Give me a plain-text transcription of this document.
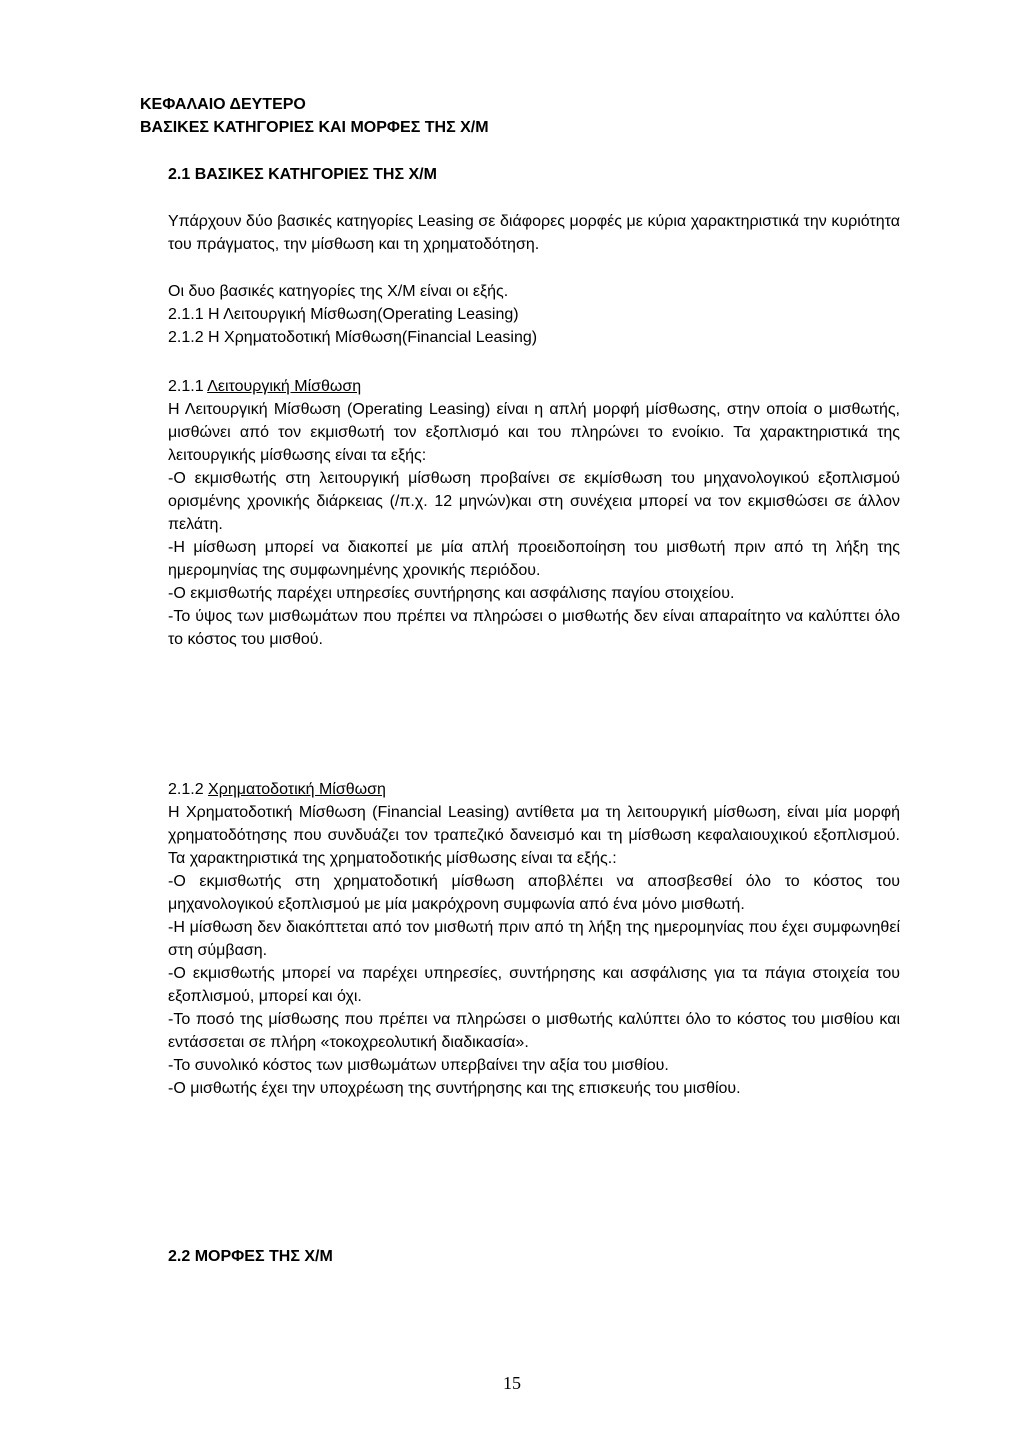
ΚΕΦΑΛΑΙΟ ΔΕΥΤΕΡΟ
ΒΑΣΙΚΕΣ ΚΑΤΗΓΟΡΙΕΣ ΚΑΙ ΜΟΡΦΕΣ ΤΗΣ Χ/Μ
2.1 ΒΑΣΙΚΕΣ ΚΑΤΗΓΟΡΙΕΣ ΤΗΣ Χ/Μ
Υπάρχουν δύο βασικές κατηγορίες Leasing σε διάφορες μορφές με κύρια χαρακτηριστικά την κυριότητα του πράγματος, την μίσθωση και τη χρηματοδότηση.
Οι δυο βασικές κατηγορίες της Χ/Μ είναι οι εξής.
2.1.1 Η Λειτουργική Μίσθωση(Operating Leasing)
2.1.2 Η Χρηματοδοτική Μίσθωση(Financial Leasing)
2.1.1 Λειτουργική Μίσθωση
Η Λειτουργική Μίσθωση (Operating Leasing) είναι η απλή μορφή μίσθωσης, στην οποία ο μισθωτής, μισθώνει από τον εκμισθωτή τον εξοπλισμό και του πληρώνει το ενοίκιο. Τα χαρακτηριστικά της λειτουργικής μίσθωσης είναι τα εξής:
-Ο εκμισθωτής στη λειτουργική μίσθωση προβαίνει σε εκμίσθωση του μηχανολογικού εξοπλισμού ορισμένης χρονικής διάρκειας (/π.χ. 12 μηνών)και στη συνέχεια μπορεί να τον εκμισθώσει σε άλλον πελάτη.
-Η μίσθωση μπορεί να διακοπεί με μία απλή προειδοποίηση του μισθωτή πριν από τη λήξη της ημερομηνίας της συμφωνημένης χρονικής περιόδου.
-Ο εκμισθωτής παρέχει υπηρεσίες συντήρησης και ασφάλισης παγίου στοιχείου.
-Το ύψος των μισθωμάτων που πρέπει να πληρώσει ο μισθωτής δεν είναι απαραίτητο να καλύπτει όλο το κόστος του μισθού.
2.1.2 Χρηματοδοτική Μίσθωση
Η Χρηματοδοτική Μίσθωση (Financial Leasing) αντίθετα μα τη λειτουργική μίσθωση, είναι μία μορφή χρηματοδότησης που συνδυάζει τον τραπεζικό δανεισμό και τη μίσθωση κεφαλαιουχικού εξοπλισμού. Τα χαρακτηριστικά της χρηματοδοτικής μίσθωσης είναι τα εξής.:
-Ο εκμισθωτής στη χρηματοδοτική μίσθωση αποβλέπει να αποσβεσθεί όλο το κόστος του μηχανολογικού εξοπλισμού με μία μακρόχρονη συμφωνία από ένα μόνο μισθωτή.
-Η μίσθωση δεν διακόπτεται από τον μισθωτή πριν από τη λήξη της ημερομηνίας που έχει συμφωνηθεί στη σύμβαση.
-Ο εκμισθωτής μπορεί να παρέχει υπηρεσίες, συντήρησης και ασφάλισης για τα πάγια στοιχεία του εξοπλισμού, μπορεί και όχι.
-Το ποσό της μίσθωσης που πρέπει να πληρώσει ο μισθωτής καλύπτει όλο το κόστος του μισθίου και εντάσσεται σε πλήρη «τοκοχρεολυτική διαδικασία».
-Το συνολικό κόστος των μισθωμάτων υπερβαίνει την αξία του μισθίου.
-Ο μισθωτής έχει την υποχρέωση της συντήρησης και της επισκευής του μισθίου.
2.2 ΜΟΡΦΕΣ ΤΗΣ Χ/Μ
15
